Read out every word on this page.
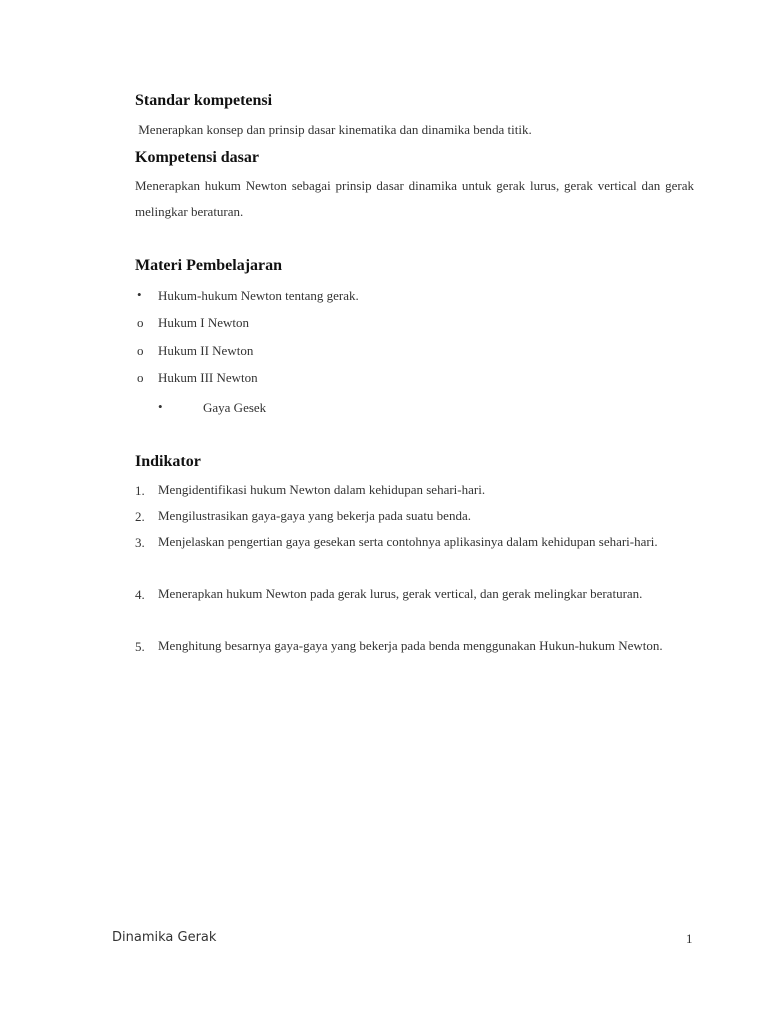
Standar kompetensi

Menerapkan konsep dan prinsip dasar kinematika dan dinamika benda titik.

Kompetensi dasar

Menerapkan hukum Newton sebagai prinsip dasar dinamika untuk gerak lurus, gerak vertical dan gerak melingkar beraturan.

Materi Pembelajaran
• Hukum-hukum Newton tentang gerak.
o Hukum I Newton
o Hukum II Newton
o Hukum III Newton
•	Gaya Gesek
Indikator
1. Mengidentifikasi hukum Newton dalam kehidupan sehari-hari.
2. Mengilustrasikan gaya-gaya yang bekerja pada suatu benda.
3. Menjelaskan pengertian gaya gesekan serta contohnya aplikasinya dalam kehidupan sehari-hari.
4. Menerapkan hukum Newton pada gerak lurus, gerak vertical, dan gerak melingkar beraturan.
5. Menghitung besarnya gaya-gaya yang bekerja pada benda menggunakan Hukun-hukum Newton.
Dinamika Gerak	1
